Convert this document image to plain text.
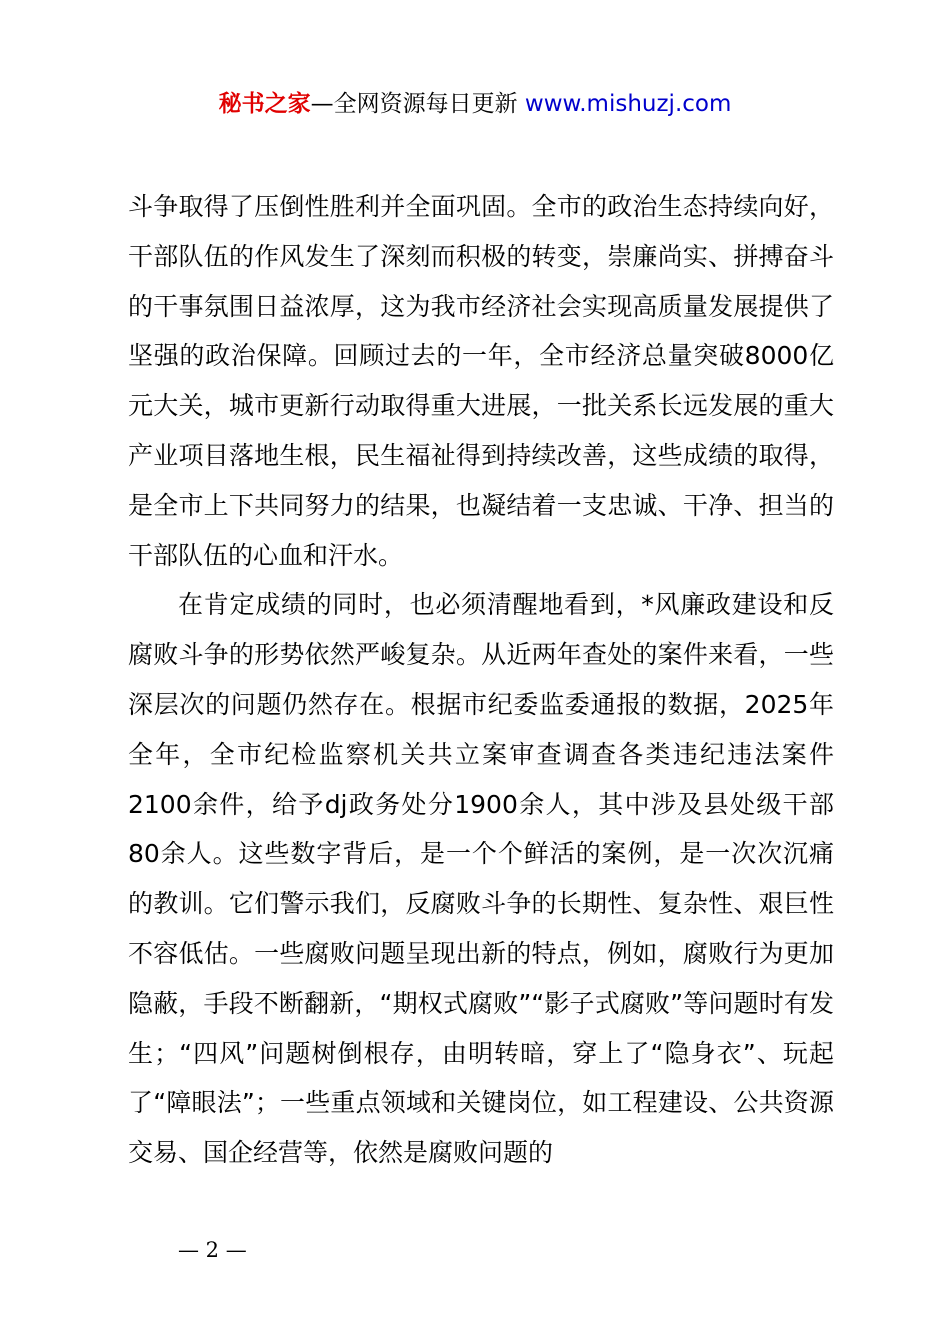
秘书之家—全网资源每日更新 www.mishuzj.com

斗争取得了压倒性胜利并全面巩固。全市的政治生态持续向好，干部队伍的作风发生了深刻而积极的转变，崇廉尚实、拼搏奋斗的干事氛围日益浓厚，这为我市经济社会实现高质量发展提供了坚强的政治保障。回顾过去的一年，全市经济总量突破8000亿元大关，城市更新行动取得重大进展，一批关系长远发展的重大产业项目落地生根，民生福祉得到持续改善，这些成绩的取得，是全市上下共同努力的结果，也凝结着一支忠诚、干净、担当的干部队伍的心血和汗水。

在肯定成绩的同时，也必须清醒地看到，*风廉政建设和反腐败斗争的形势依然严峻复杂。从近两年查处的案件来看，一些深层次的问题仍然存在。根据市纪委监委通报的数据，2025年全年，全市纪检监察机关共立案审查调查各类违纪违法案件2100余件，给予dj政务处分1900余人，其中涉及县处级干部80余人。这些数字背后，是一个个鲜活的案例，是一次次沉痛的教训。它们警示我们，反腐败斗争的长期性、复杂性、艰巨性不容低估。一些腐败问题呈现出新的特点，例如，腐败行为更加隐蔽，手段不断翻新，“期权式腐败”“影子式腐败”等问题时有发生；“四风”问题树倒根存，由明转暗，穿上了“隐身衣”、玩起了“障眼法”；一些重点领域和关键岗位，如工程建设、公共资源交易、国企经营等，依然是腐败问题的

— 2 —
